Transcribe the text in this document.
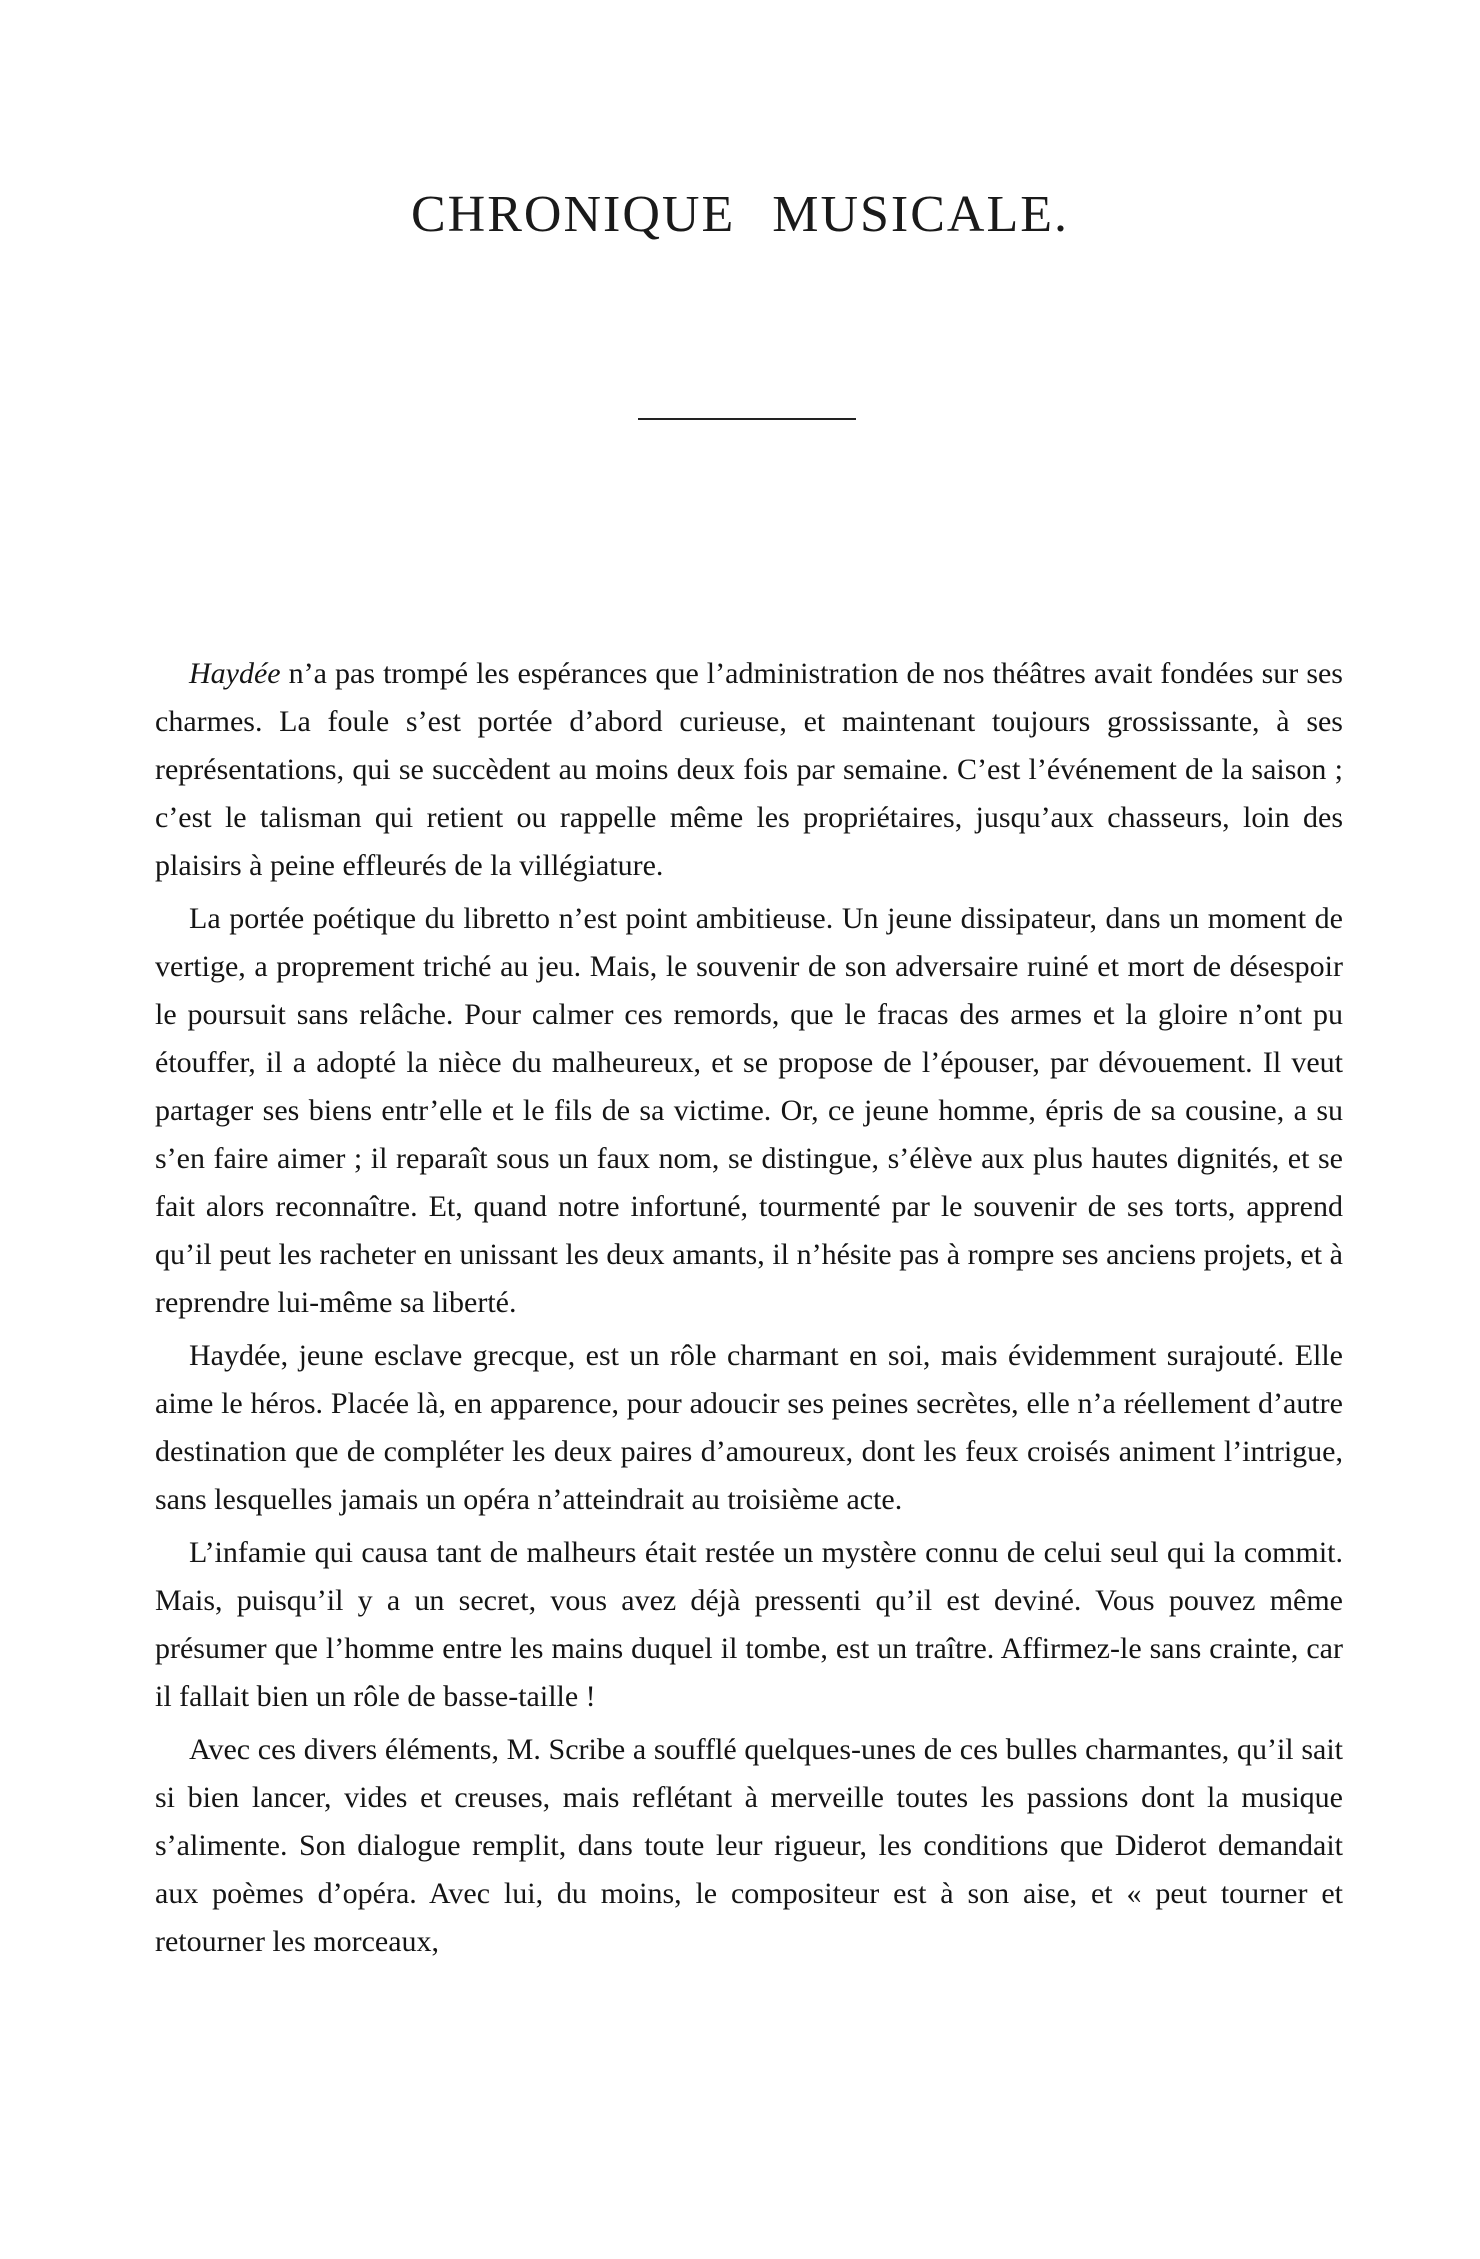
CHRONIQUE MUSICALE.

Haydée n’a pas trompé les espérances que l’administration de nos théâtres avait fondées sur ses charmes. La foule s’est portée d’abord curieuse, et maintenant toujours grossissante, à ses représentations, qui se succèdent au moins deux fois par semaine. C’est l’événement de la saison ; c’est le talisman qui retient ou rappelle même les propriétaires, jusqu’aux chasseurs, loin des plaisirs à peine effleurés de la villégiature.

La portée poétique du libretto n’est point ambitieuse. Un jeune dissipateur, dans un moment de vertige, a proprement triché au jeu. Mais, le souvenir de son adversaire ruiné et mort de désespoir le poursuit sans relâche. Pour calmer ces remords, que le fracas des armes et la gloire n’ont pu étouffer, il a adopté la nièce du malheureux, et se propose de l’épouser, par dévouement. Il veut partager ses biens entr’elle et le fils de sa victime. Or, ce jeune homme, épris de sa cousine, a su s’en faire aimer ; il reparaît sous un faux nom, se distingue, s’élève aux plus hautes dignités, et se fait alors reconnaître. Et, quand notre infortuné, tourmenté par le souvenir de ses torts, apprend qu’il peut les racheter en unissant les deux amants, il n’hésite pas à rompre ses anciens projets, et à reprendre lui-même sa liberté.

Haydée, jeune esclave grecque, est un rôle charmant en soi, mais évidemment surajouté. Elle aime le héros. Placée là, en apparence, pour adoucir ses peines secrètes, elle n’a réellement d’autre destination que de compléter les deux paires d’amoureux, dont les feux croisés animent l’intrigue, sans lesquelles jamais un opéra n’atteindrait au troisième acte.

L’infamie qui causa tant de malheurs était restée un mystère connu de celui seul qui la commit. Mais, puisqu’il y a un secret, vous avez déjà pressenti qu’il est deviné. Vous pouvez même présumer que l’homme entre les mains duquel il tombe, est un traître. Affirmez-le sans crainte, car il fallait bien un rôle de basse-taille !

Avec ces divers éléments, M. Scribe a soufflé quelques-unes de ces bulles charmantes, qu’il sait si bien lancer, vides et creuses, mais reflétant à merveille toutes les passions dont la musique s’alimente. Son dialogue remplit, dans toute leur rigueur, les conditions que Diderot demandait aux poèmes d’opéra. Avec lui, du moins, le compositeur est à son aise, et « peut tourner et retourner les morceaux,
